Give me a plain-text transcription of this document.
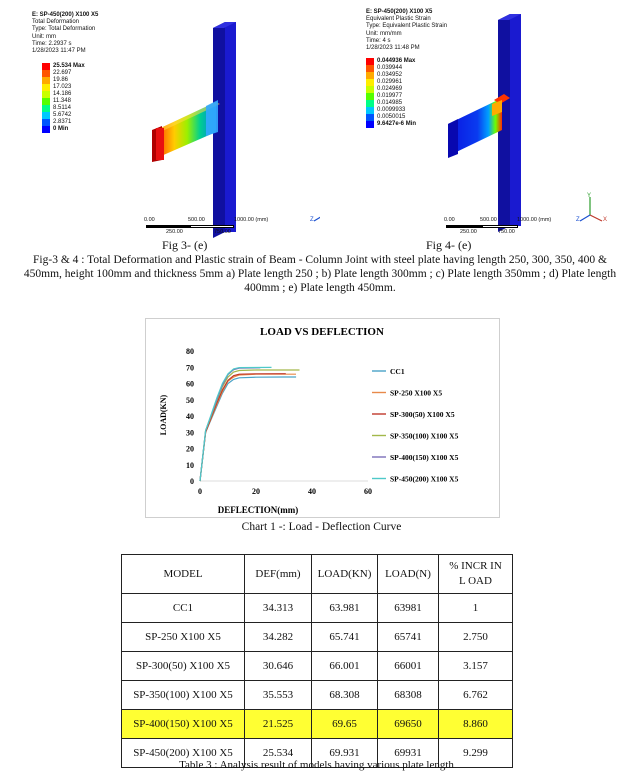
E: SP-450(200) X100 X5
Total Deformation
Type: Total Deformation
Unit: mm
Time: 2.2937 s
1/28/2023 11:47 PM
25.534 Max
22.697
19.86
17.023
14.186
11.348
8.5114
5.6742
2.8371
0 Min
0.00	500.00	1000.00 (mm)
250.00	750.00
Z
E: SP-450(200) X100 X5
Equivalent Plastic Strain
Type: Equivalent Plastic Strain
Unit: mm/mm
Time: 4 s
1/28/2023 11:48 PM
0.044936 Max
0.039944
0.034952
0.029961
0.024969
0.019977
0.014985
0.0099933
0.0050015
9.6427e-6 Min
0.00	500.00	1000.00 (mm)
250.00	750.00
Y
X
Z
Fig 3- (e)	Fig 4- (e)
Fig-3 & 4 : Total Deformation and Plastic strain of Beam - Column Joint with steel plate having length 250, 300, 350, 400 &
450mm, height 100mm and thickness 5mm a) Plate length 250 ; b) Plate length 300mm ; c) Plate length 350mm ; d) Plate length
400mm ; e) Plate length 450mm.
LOAD VS DEFLECTION
0
10
20
30
40
50
60
70
80
0	20	40	60
CC1
SP-250 X100 X5
SP-300(50) X100 X5
SP-350(100) X100 X5
SP-400(150) X100 X5
SP-450(200) X100 X5
DEFLECTION(mm)
LOAD(KN)
Chart 1 -: Load - Deflection Curve
MODEL	DEF(mm)	LOAD(KN)	LOAD(N)	% INCR IN L OAD
CC1	34.313	63.981	63981	1
SP-250 X100 X5	34.282	65.741	65741	2.750
SP-300(50) X100 X5	30.646	66.001	66001	3.157
SP-350(100) X100 X5	35.553	68.308	68308	6.762
SP-400(150) X100 X5	21.525	69.65	69650	8.860
SP-450(200) X100 X5	25.534	69.931	69931	9.299
Table 3 : Analysis result of models having various plate length
